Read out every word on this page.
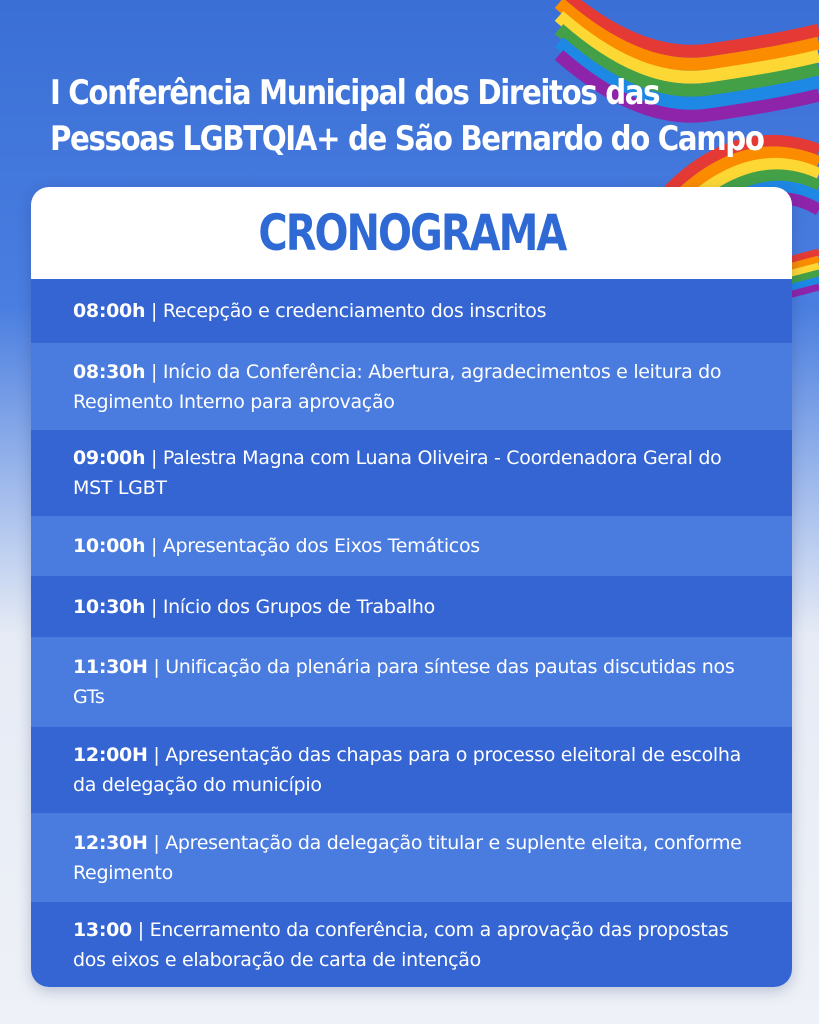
I Conferência Municipal dos Direitos das
Pessoas LGBTQIA+ de São Bernardo do Campo
CRONOGRAMA
08:00h | Recepção e credenciamento dos inscritos
08:30h | Início da Conferência: Abertura, agradecimentos e leitura do Regimento Interno para aprovação
09:00h | Palestra Magna com Luana Oliveira - Coordenadora Geral do MST LGBT
10:00h | Apresentação dos Eixos Temáticos
10:30h | Início dos Grupos de Trabalho
11:30H | Unificação da plenária para síntese das pautas discutidas nos GTs
12:00H | Apresentação das chapas para o processo eleitoral de escolha da delegação do município
12:30H | Apresentação da delegação titular e suplente eleita, conforme Regimento
13:00 | Encerramento da conferência, com a aprovação das propostas dos eixos e elaboração de carta de intenção
